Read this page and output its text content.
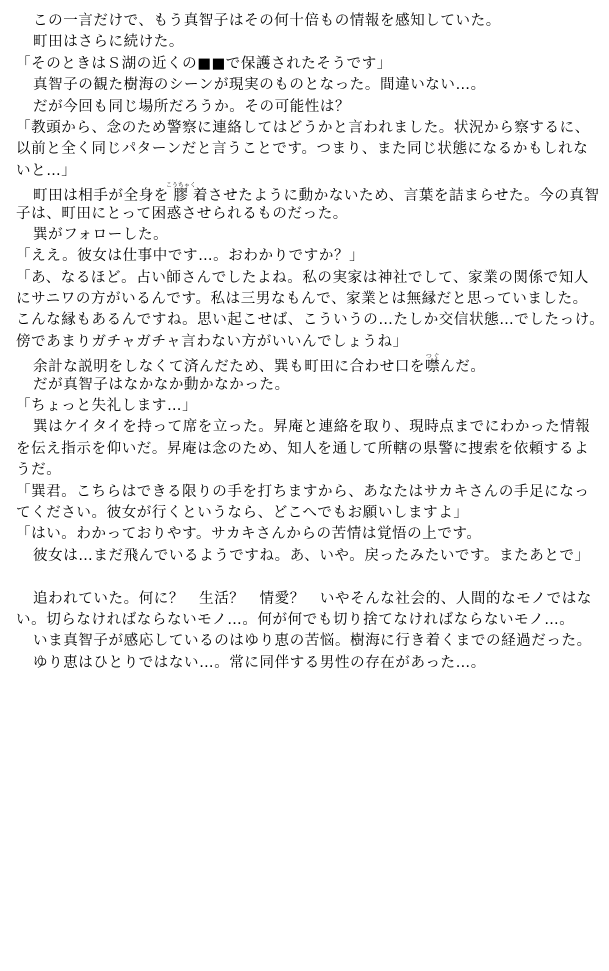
この一言だけで、もう真智子はその何十倍もの情報を感知していた。
町田はさらに続けた。
「そのときはＳ湖の近くの■■で保護されたそうです」
真智子の観た樹海のシーンが現実のものとなった。間違いない…。
だが今回も同じ場所だろうか。その可能性は？
「教頭から、念のため警察に連絡してはどうかと言われました。状況から察するに、
以前と全く同じパターンだと言うことです。つまり、また同じ状態になるかもしれな
いと…」
町田は相手が全身を膠こうちゃく着させたように動かないため、言葉を詰まらせた。今の真智
子は、町田にとって困惑させられるものだった。
巽がフォローした。
「ええ。彼女は仕事中です…。おわかりですか？」
「あ、なるほど。占い師さんでしたよね。私の実家は神社でして、家業の関係で知人
にサニワの方がいるんです。私は三男なもんで、家業とは無縁だと思っていました。
こんな縁もあるんですね。思い起こせば、こういうの…たしか交信状態…でしたっけ。
傍であまりガチャガチャ言わない方がいいんでしょうね」
余計な説明をしなくて済んだため、巽も町田に合わせ口を噤つぐんだ。
だが真智子はなかなか動かなかった。
「ちょっと失礼します…」
巽はケイタイを持って席を立った。昇庵と連絡を取り、現時点までにわかった情報
を伝え指示を仰いだ。昇庵は念のため、知人を通して所轄の県警に捜索を依頼するよ
うだ。
「巽君。こちらはできる限りの手を打ちますから、あなたはサカキさんの手足になっ
てください。彼女が行くというなら、どこへでもお願いしますよ」
「はい。わかっておりやす。サカキさんからの苦情は覚悟の上です。
彼女は…まだ飛んでいるようですね。あ、いや。戻ったみたいです。またあとで」
追われていた。何に？　生活？　情愛？　いやそんな社会的、人間的なモノではな
い。切らなければならないモノ…。何が何でも切り捨てなければならないモノ…。
いま真智子が感応しているのはゆり恵の苦悩。樹海に行き着くまでの経過だった。
ゆり恵はひとりではない…。常に同伴する男性の存在があった…。
